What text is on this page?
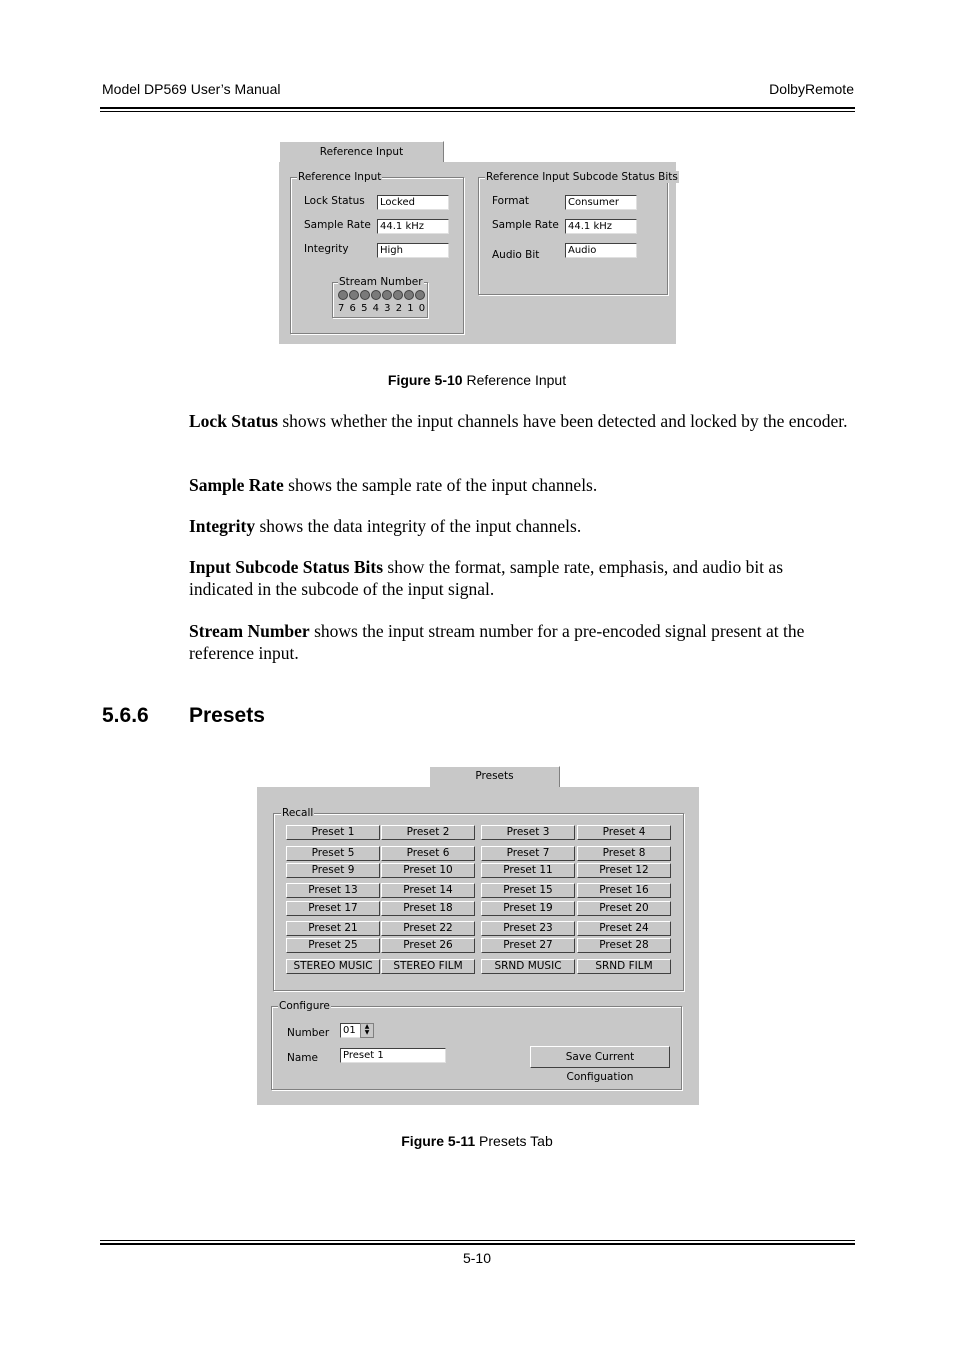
Model DP569 User’s Manual	DolbyRemote
Reference Input
Reference Input
Lock Status	Locked
Sample Rate 44.1 kHz
Integrity	High
Stream Number
7 6 5 4 3 2 1 0
Reference Input Subcode Status Bits
Format	Consumer
Sample Rate 44.1 kHz
Audio Bit	Audio
Figure 5-10 Reference Input
Lock Status shows whether the input channels have been detected and locked by the encoder.
Sample Rate shows the sample rate of the input channels.
Integrity shows the data integrity of the input channels.
Input Subcode Status Bits show the format, sample rate, emphasis, and audio bit as indicated in the subcode of the input signal.
Stream Number shows the input stream number for a pre-encoded signal present at the reference input.
5.6.6 Presets
Presets
Recall
Preset 1	Preset 2	Preset 3	Preset 4
Preset 5	Preset 6	Preset 7	Preset 8
Preset 9	Preset 10	Preset 11	Preset 12
Preset 13	Preset 14	Preset 15	Preset 16
Preset 17	Preset 18	Preset 19	Preset 20
Preset 21	Preset 22	Preset 23	Preset 24
Preset 25	Preset 26	Preset 27	Preset 28
STEREO MUSIC	STEREO FILM	SRND MUSIC	SRND FILM
Configure
Number	01	▲
▼
Name	Preset 1	Save Current Configuation
Figure 5-11 Presets Tab
5-10
